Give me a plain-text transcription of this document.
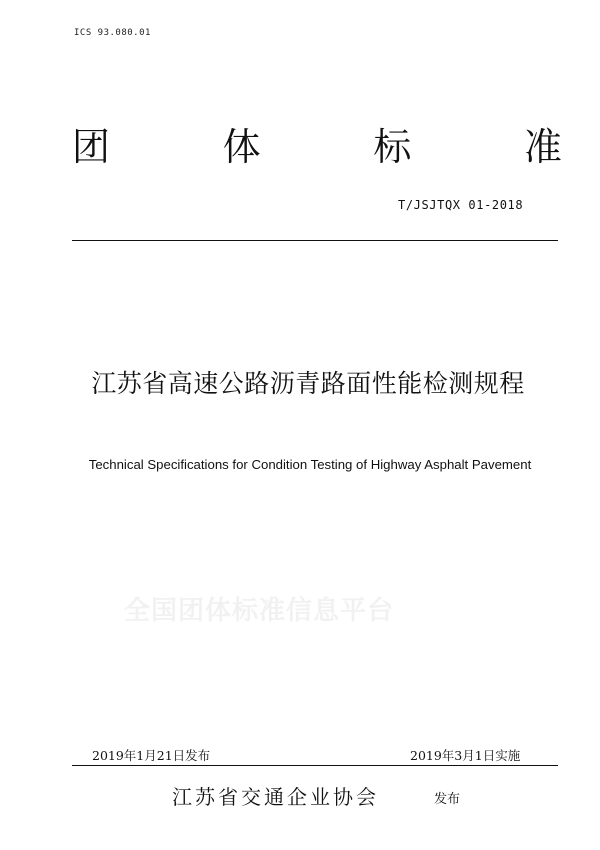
ICS 93.080.01
团	体	标	准
T/JSJTQX 01-2018
江苏省高速公路沥青路面性能检测规程
Technical Specifications for Condition Testing of Highway Asphalt Pavement
全国团体标准信息平台
2019年1月21日发布	2019年3月1日实施
江苏省交通企业协会	发布
